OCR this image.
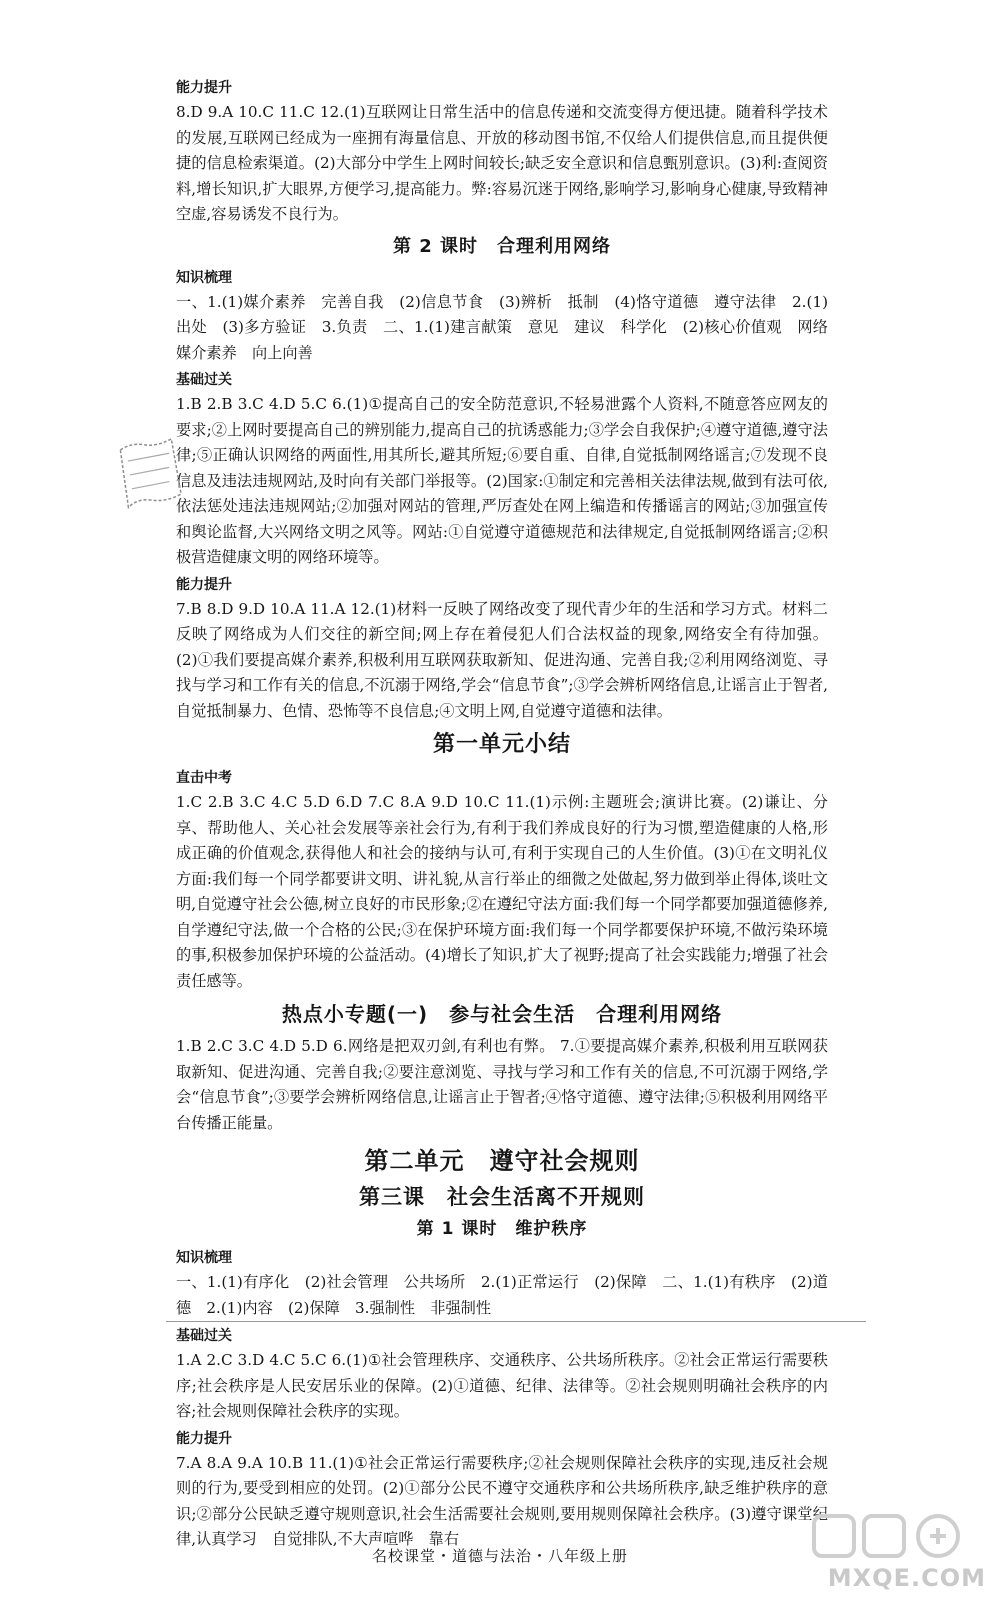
能力提升
8.D 9.A 10.C 11.C 12.(1)互联网让日常生活中的信息传递和交流变得方便迅捷。随着科学技术的发展,互联网已经成为一座拥有海量信息、开放的移动图书馆,不仅给人们提供信息,而且提供便捷的信息检索渠道。(2)大部分中学生上网时间较长;缺乏安全意识和信息甄别意识。(3)利:查阅资料,增长知识,扩大眼界,方便学习,提高能力。弊:容易沉迷于网络,影响学习,影响身心健康,导致精神空虚,容易诱发不良行为。
第 2 课时　合理利用网络
知识梳理
一、1.(1)媒介素养　完善自我　(2)信息节食　(3)辨析　抵制　(4)恪守道德　遵守法律　2.(1)出处　(3)多方验证　3.负责　二、1.(1)建言献策　意见　建议　科学化　(2)核心价值观　网络媒介素养　向上向善
基础过关
1.B 2.B 3.C 4.D 5.C 6.(1)①提高自己的安全防范意识,不轻易泄露个人资料,不随意答应网友的要求;②上网时要提高自己的辨别能力,提高自己的抗诱惑能力;③学会自我保护;④遵守道德,遵守法律;⑤正确认识网络的两面性,用其所长,避其所短;⑥要自重、自律,自觉抵制网络谣言;⑦发现不良信息及违法违规网站,及时向有关部门举报等。(2)国家:①制定和完善相关法律法规,做到有法可依,依法惩处违法违规网站;②加强对网站的管理,严厉查处在网上编造和传播谣言的网站;③加强宣传和舆论监督,大兴网络文明之风等。网站:①自觉遵守道德规范和法律规定,自觉抵制网络谣言;②积极营造健康文明的网络环境等。
能力提升
7.B 8.D 9.D 10.A 11.A 12.(1)材料一反映了网络改变了现代青少年的生活和学习方式。材料二反映了网络成为人们交往的新空间;网上存在着侵犯人们合法权益的现象,网络安全有待加强。(2)①我们要提高媒介素养,积极利用互联网获取新知、促进沟通、完善自我;②利用网络浏览、寻找与学习和工作有关的信息,不沉溺于网络,学会“信息节食”;③学会辨析网络信息,让谣言止于智者,自觉抵制暴力、色情、恐怖等不良信息;④文明上网,自觉遵守道德和法律。
第一单元小结
直击中考
1.C 2.B 3.C 4.C 5.D 6.D 7.C 8.A 9.D 10.C 11.(1)示例:主题班会;演讲比赛。(2)谦让、分享、帮助他人、关心社会发展等亲社会行为,有利于我们养成良好的行为习惯,塑造健康的人格,形成正确的价值观念,获得他人和社会的接纳与认可,有利于实现自己的人生价值。(3)①在文明礼仪方面:我们每一个同学都要讲文明、讲礼貌,从言行举止的细微之处做起,努力做到举止得体,谈吐文明,自觉遵守社会公德,树立良好的市民形象;②在遵纪守法方面:我们每一个同学都要加强道德修养,自学遵纪守法,做一个合格的公民;③在保护环境方面:我们每一个同学都要保护环境,不做污染环境的事,积极参加保护环境的公益活动。(4)增长了知识,扩大了视野;提高了社会实践能力;增强了社会责任感等。
热点小专题(一)　参与社会生活　合理利用网络
1.B 2.C 3.C 4.D 5.D 6.网络是把双刃剑,有利也有弊。 7.①要提高媒介素养,积极利用互联网获取新知、促进沟通、完善自我;②要注意浏览、寻找与学习和工作有关的信息,不可沉溺于网络,学会“信息节食”;③要学会辨析网络信息,让谣言止于智者;④恪守道德、遵守法律;⑤积极利用网络平台传播正能量。
第二单元　遵守社会规则
第三课　社会生活离不开规则
第 1 课时　维护秩序
知识梳理
一、1.(1)有序化　(2)社会管理　公共场所　2.(1)正常运行　(2)保障　二、1.(1)有秩序　(2)道德　2.(1)内容　(2)保障　3.强制性　非强制性
基础过关
1.A 2.C 3.D 4.C 5.C 6.(1)①社会管理秩序、交通秩序、公共场所秩序。②社会正常运行需要秩序;社会秩序是人民安居乐业的保障。(2)①道德、纪律、法律等。②社会规则明确社会秩序的内容;社会规则保障社会秩序的实现。
能力提升
7.A 8.A 9.A 10.B 11.(1)①社会正常运行需要秩序;②社会规则保障社会秩序的实现,违反社会规则的行为,要受到相应的处罚。(2)①部分公民不遵守交通秩序和公共场所秩序,缺乏维护秩序的意识;②部分公民缺乏遵守规则意识,社会生活需要社会规则,要用规则保障社会秩序。(3)遵守课堂纪律,认真学习　自觉排队,不大声喧哗　靠右
名校课堂・道德与法治・八年级上册
MXQE.COM
